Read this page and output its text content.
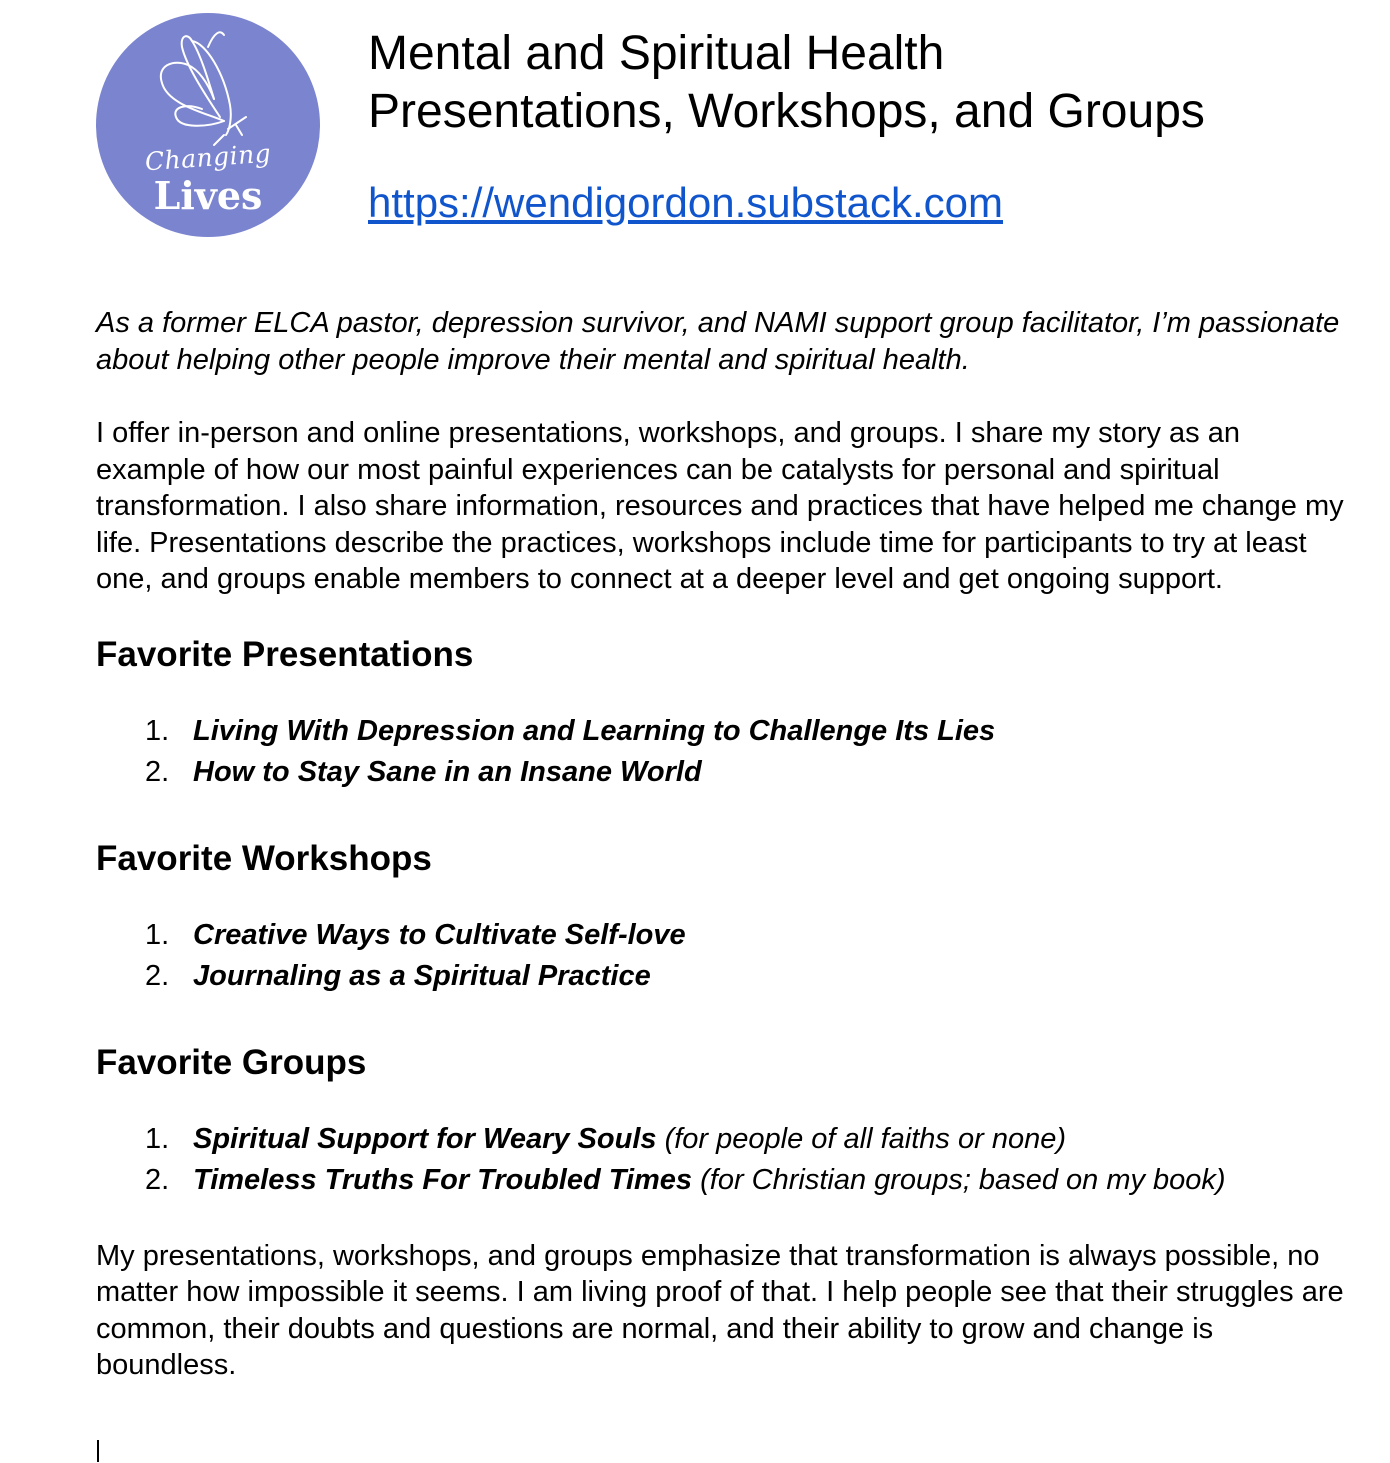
Changing
Lives
Mental and Spiritual Health
Presentations, Workshops, and Groups
https://wendigordon.substack.com

As a former ELCA pastor, depression survivor, and NAMI support group facilitator, I’m passionate about helping other people improve their mental and spiritual health.

I offer in-person and online presentations, workshops, and groups. I share my story as an example of how our most painful experiences can be catalysts for personal and spiritual transformation. I also share information, resources and practices that have helped me change my life. Presentations describe the practices, workshops include time for participants to try at least one, and groups enable members to connect at a deeper level and get ongoing support.

Favorite Presentations
1. Living With Depression and Learning to Challenge Its Lies
2. How to Stay Sane in an Insane World
Favorite Workshops
1. Creative Ways to Cultivate Self-love
2. Journaling as a Spiritual Practice
Favorite Groups
1. Spiritual Support for Weary Souls (for people of all faiths or none)
2. Timeless Truths For Troubled Times (for Christian groups; based on my book)

My presentations, workshops, and groups emphasize that transformation is always possible, no matter how impossible it seems. I am living proof of that. I help people see that their struggles are common, their doubts and questions are normal, and their ability to grow and change is boundless.
